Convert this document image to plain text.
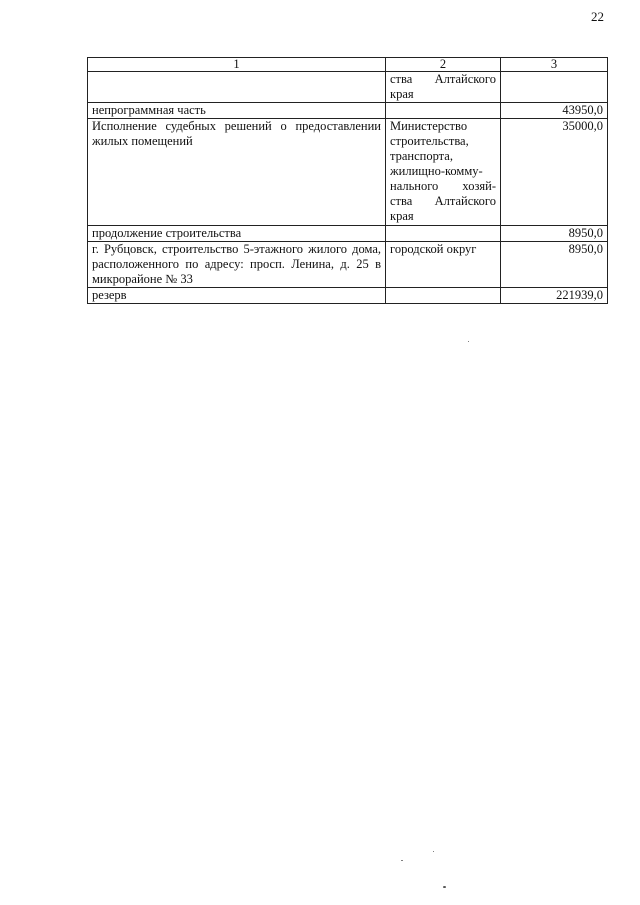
22
1	2	3
	ства Алтайского края	
непрограммная часть		43950,0
Исполнение судебных решений о предоставлении жилых помещений	Министерство строительства, транспорта, жилищно-комму-нального хозяй-ства Алтайского края	35000,0
продолжение строительства		8950,0
г. Рубцовск, строительство 5-этажного жилого дома, расположенного по адресу: просп. Ленина, д. 25 в микрорайоне № 33	городской округ	8950,0
резерв		221939,0
